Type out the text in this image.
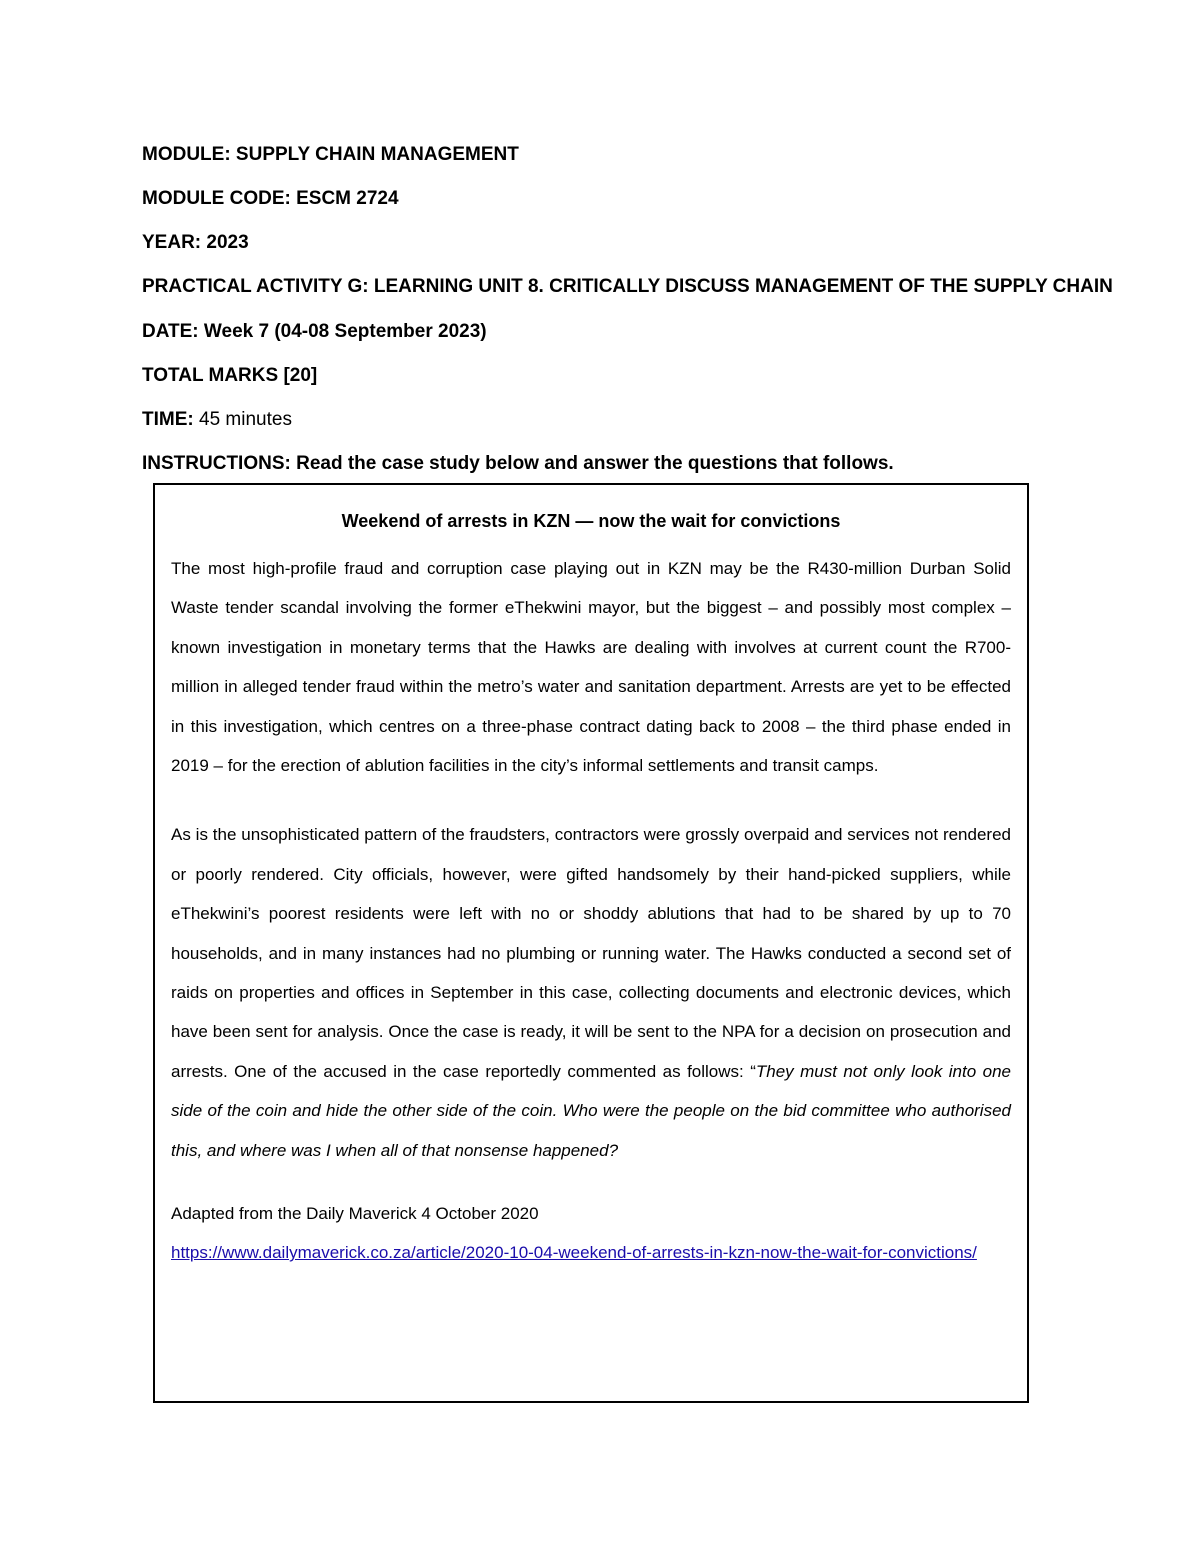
MODULE: SUPPLY CHAIN MANAGEMENT
MODULE CODE: ESCM 2724
YEAR: 2023
PRACTICAL ACTIVITY G: LEARNING UNIT 8. CRITICALLY DISCUSS MANAGEMENT OF THE SUPPLY CHAIN
DATE: Week 7 (04-08 September 2023)
TOTAL MARKS [20]
TIME: 45 minutes
INSTRUCTIONS: Read the case study below and answer the questions that follows.
Weekend of arrests in KZN — now the wait for convictions

The most high-profile fraud and corruption case playing out in KZN may be the R430-million Durban Solid Waste tender scandal involving the former eThekwini mayor, but the biggest – and possibly most complex – known investigation in monetary terms that the Hawks are dealing with involves at current count the R700-million in alleged tender fraud within the metro’s water and sanitation department. Arrests are yet to be effected in this investigation, which centres on a three-phase contract dating back to 2008 – the third phase ended in 2019 – for the erection of ablution facilities in the city’s informal settlements and transit camps.

As is the unsophisticated pattern of the fraudsters, contractors were grossly overpaid and services not rendered or poorly rendered. City officials, however, were gifted handsomely by their hand-picked suppliers, while eThekwini’s poorest residents were left with no or shoddy ablutions that had to be shared by up to 70 households, and in many instances had no plumbing or running water. The Hawks conducted a second set of raids on properties and offices in September in this case, collecting documents and electronic devices, which have been sent for analysis. Once the case is ready, it will be sent to the NPA for a decision on prosecution and arrests. One of the accused in the case reportedly commented as follows: “They must not only look into one side of the coin and hide the other side of the coin. Who were the people on the bid committee who authorised this, and where was I when all of that nonsense happened?

Adapted from the Daily Maverick 4 October 2020

https://www.dailymaverick.co.za/article/2020-10-04-weekend-of-arrests-in-kzn-now-the-wait-for-convictions/
